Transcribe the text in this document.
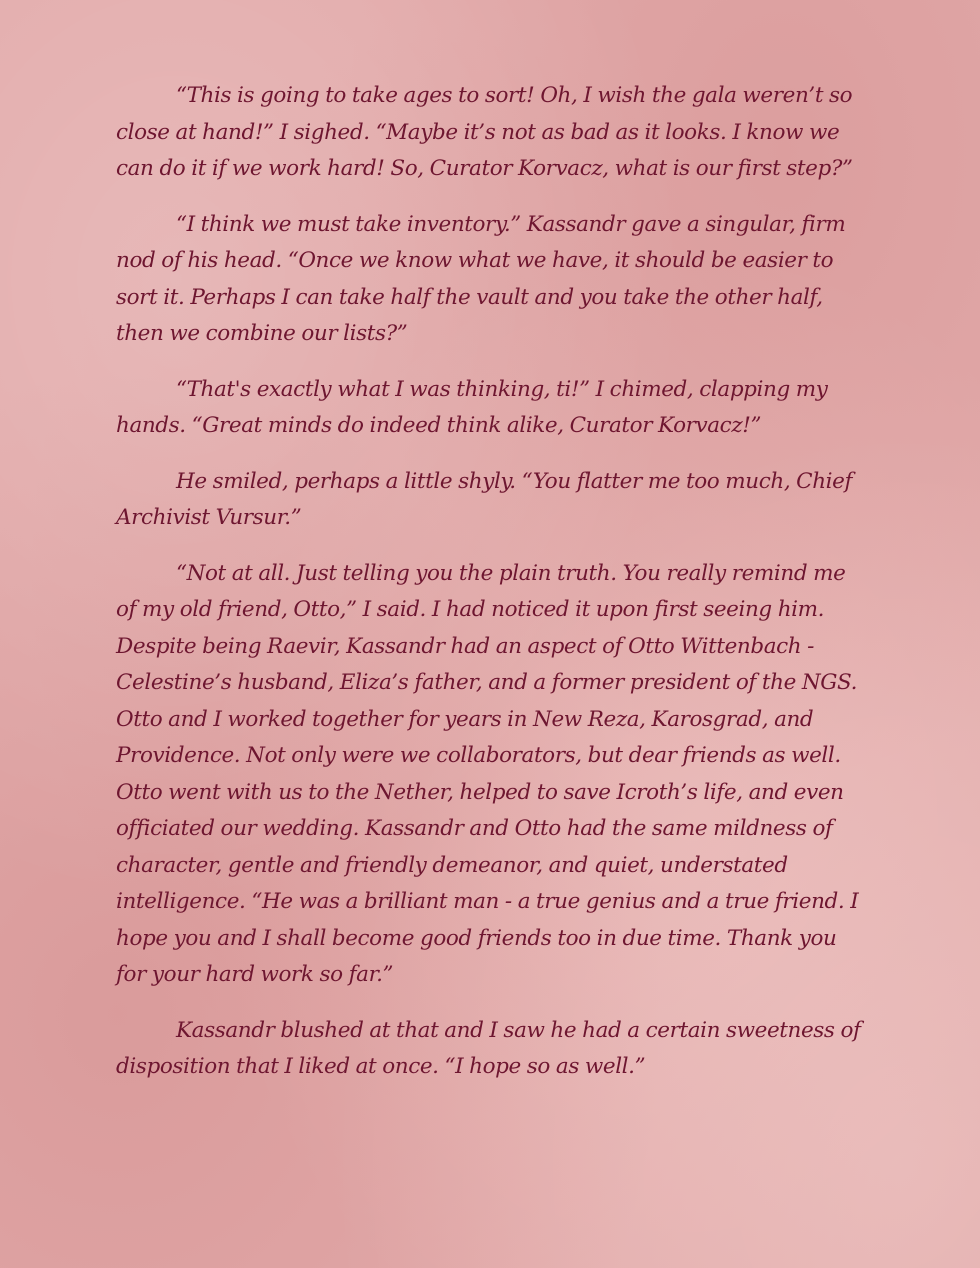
“This is going to take ages to sort! Oh, I wish the gala weren’t so close at hand!” I sighed. “Maybe it’s not as bad as it looks. I know we can do it if we work hard! So, Curator Korvacz, what is our first step?”

“I think we must take inventory.” Kassandr gave a singular, firm nod of his head. “Once we know what we have, it should be easier to sort it. Perhaps I can take half the vault and you take the other half, then we combine our lists?”

“That's exactly what I was thinking, ti!” I chimed, clapping my hands. “Great minds do indeed think alike, Curator Korvacz!”

He smiled, perhaps a little shyly. “You flatter me too much, Chief Archivist Vursur.”

“Not at all. Just telling you the plain truth. You really remind me of my old friend, Otto,” I said. I had noticed it upon first seeing him. Despite being Raevir, Kassandr had an aspect of Otto Wittenbach - Celestine’s husband, Eliza’s father, and a former president of the NGS. Otto and I worked together for years in New Reza, Karosgrad, and Providence. Not only were we collaborators, but dear friends as well. Otto went with us to the Nether, helped to save Icroth’s life, and even officiated our wedding. Kassandr and Otto had the same mildness of character, gentle and friendly demeanor, and quiet, understated intelligence. “He was a brilliant man - a true genius and a true friend. I hope you and I shall become good friends too in due time. Thank you for your hard work so far.”

Kassandr blushed at that and I saw he had a certain sweetness of disposition that I liked at once. “I hope so as well.”
